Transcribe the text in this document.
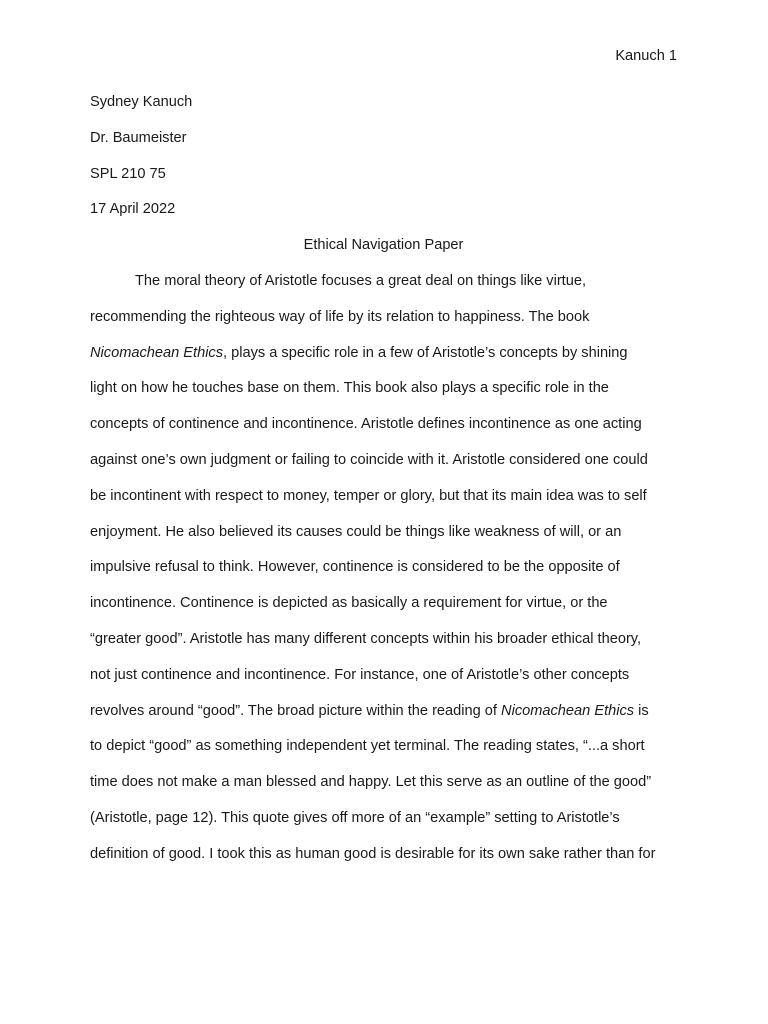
Kanuch 1
Sydney Kanuch
Dr. Baumeister
SPL 210 75
17 April 2022
Ethical Navigation Paper
The moral theory of Aristotle focuses a great deal on things like virtue,
recommending the righteous way of life by its relation to happiness. The book
Nicomachean Ethics, plays a specific role in a few of Aristotle’s concepts by shining
light on how he touches base on them. This book also plays a specific role in the
concepts of continence and incontinence. Aristotle defines incontinence as one acting
against one’s own judgment or failing to coincide with it. Aristotle considered one could
be incontinent with respect to money, temper or glory, but that its main idea was to self
enjoyment. He also believed its causes could be things like weakness of will, or an
impulsive refusal to think. However, continence is considered to be the opposite of
incontinence. Continence is depicted as basically a requirement for virtue, or the
“greater good”. Aristotle has many different concepts within his broader ethical theory,
not just continence and incontinence. For instance, one of Aristotle’s other concepts
revolves around “good”. The broad picture within the reading of Nicomachean Ethics is
to depict “good” as something independent yet terminal. The reading states, “...a short
time does not make a man blessed and happy. Let this serve as an outline of the good”
(Aristotle, page 12). This quote gives off more of an “example” setting to Aristotle’s
definition of good. I took this as human good is desirable for its own sake rather than for
